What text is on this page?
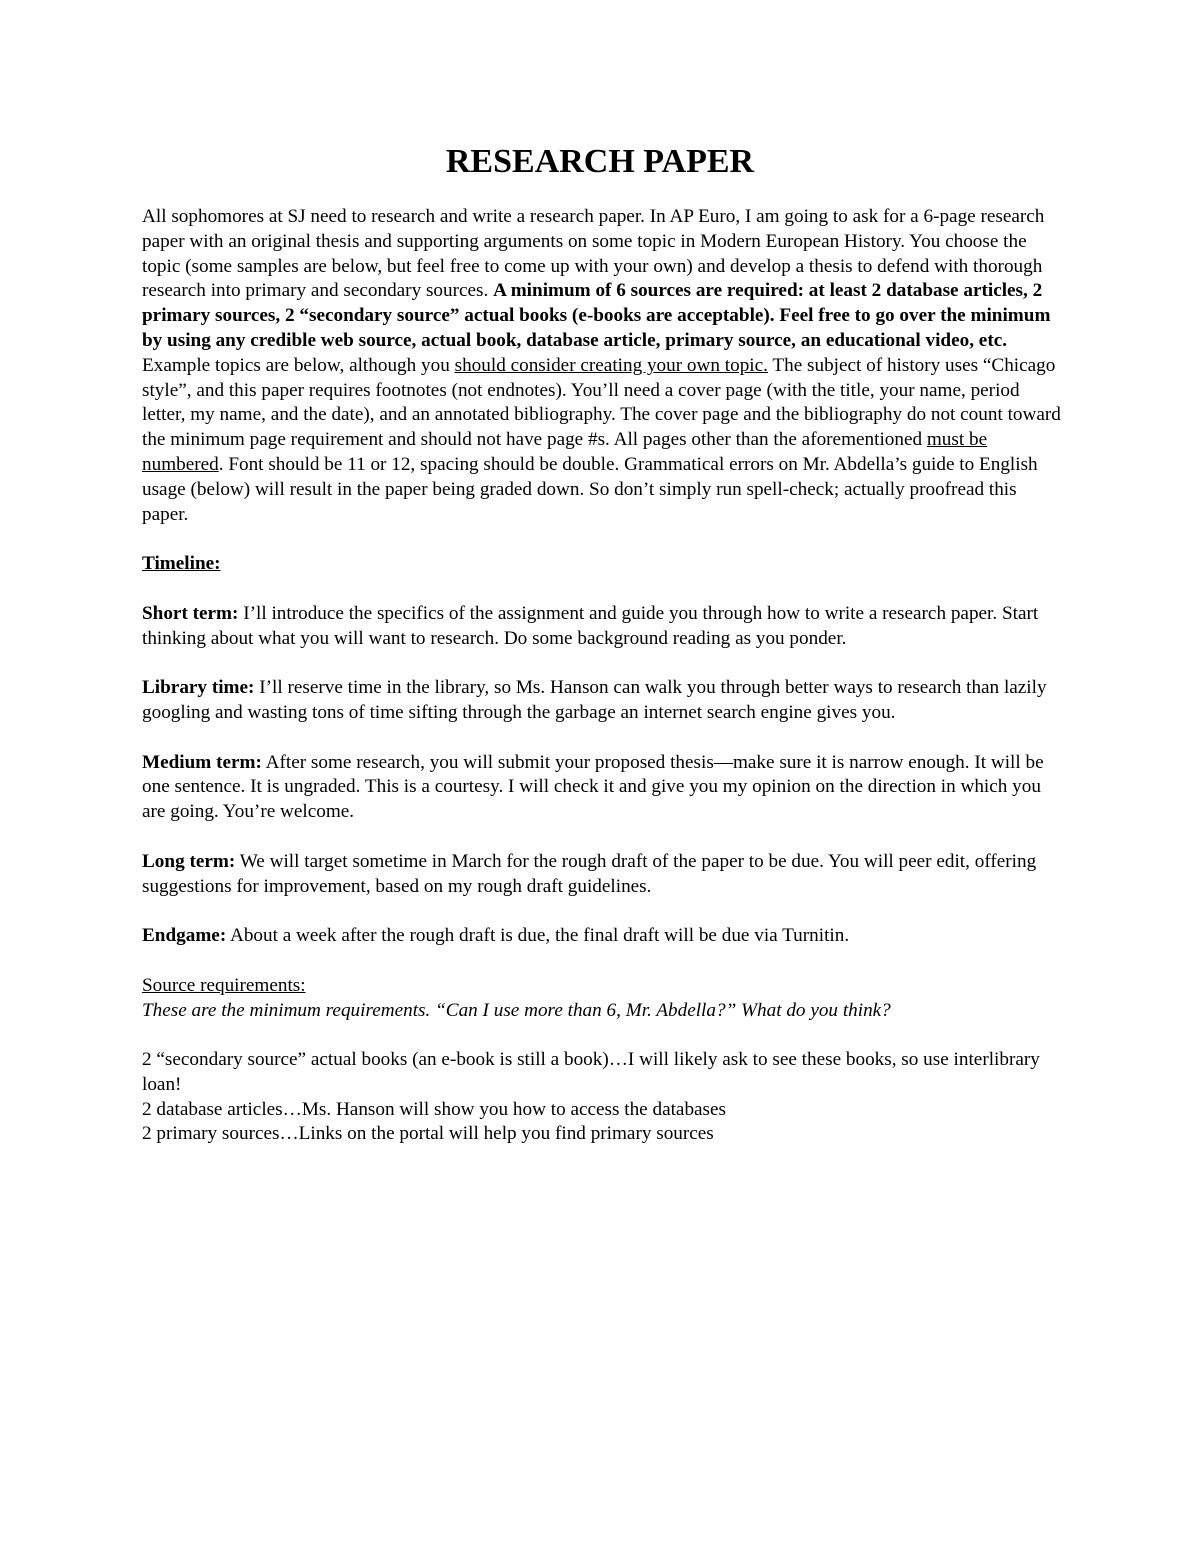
RESEARCH PAPER

All sophomores at SJ need to research and write a research paper. In AP Euro, I am going to ask for a 6-page research paper with an original thesis and supporting arguments on some topic in Modern European History. You choose the topic (some samples are below, but feel free to come up with your own) and develop a thesis to defend with thorough research into primary and secondary sources. A minimum of 6 sources are required: at least 2 database articles, 2 primary sources, 2 “secondary source” actual books (e-books are acceptable). Feel free to go over the minimum by using any credible web source, actual book, database article, primary source, an educational video, etc. Example topics are below, although you should consider creating your own topic. The subject of history uses “Chicago style”, and this paper requires footnotes (not endnotes). You’ll need a cover page (with the title, your name, period letter, my name, and the date), and an annotated bibliography. The cover page and the bibliography do not count toward the minimum page requirement and should not have page #s. All pages other than the aforementioned must be numbered. Font should be 11 or 12, spacing should be double. Grammatical errors on Mr. Abdella’s guide to English usage (below) will result in the paper being graded down. So don’t simply run spell-check; actually proofread this paper.

Timeline:

Short term: I’ll introduce the specifics of the assignment and guide you through how to write a research paper. Start thinking about what you will want to research. Do some background reading as you ponder.

Library time: I’ll reserve time in the library, so Ms. Hanson can walk you through better ways to research than lazily googling and wasting tons of time sifting through the garbage an internet search engine gives you.

Medium term: After some research, you will submit your proposed thesis—make sure it is narrow enough. It will be one sentence. It is ungraded. This is a courtesy. I will check it and give you my opinion on the direction in which you are going. You’re welcome.

Long term: We will target sometime in March for the rough draft of the paper to be due. You will peer edit, offering suggestions for improvement, based on my rough draft guidelines.

Endgame: About a week after the rough draft is due, the final draft will be due via Turnitin.

Source requirements:

These are the minimum requirements. “Can I use more than 6, Mr. Abdella?” What do you think?

2 “secondary source” actual books (an e-book is still a book)…I will likely ask to see these books, so use interlibrary loan!

2 database articles…Ms. Hanson will show you how to access the databases

2 primary sources…Links on the portal will help you find primary sources
